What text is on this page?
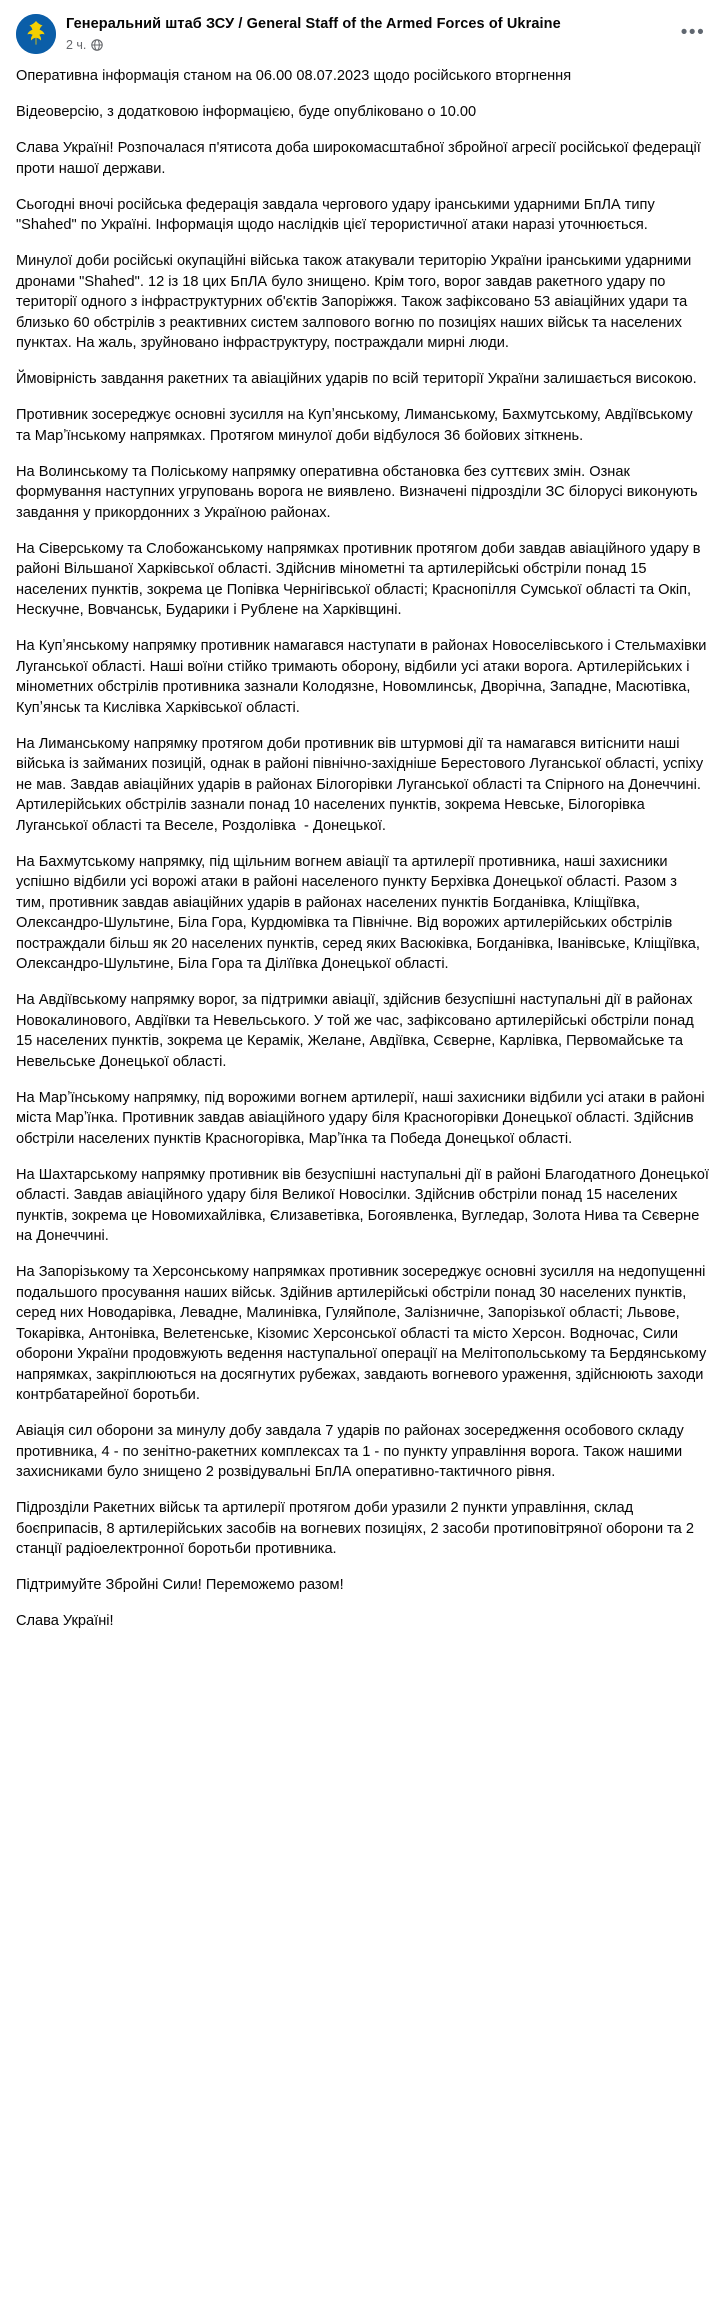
Генеральний штаб ЗСУ / General Staff of the Armed Forces of Ukraine
2 ч.
•••

Оперативна інформація станом на 06.00 08.07.2023 щодо російського вторгнення

Відеоверсію, з додатковою інформацією, буде опубліковано о 10.00

Слава Україні! Розпочалася п'ятисота доба широкомасштабної збройної агресії російської федерації проти нашої держави.

Сьогодні вночі російська федерація завдала чергового удару іранськими ударними БпЛА типу "Shahed" по Україні. Інформація щодо наслідків цієї терористичної атаки наразі уточнюється.

Минулої доби російські окупаційні війська також атакували територію України іранськими ударними дронами "Shahed". 12 із 18 цих БпЛА було знищено. Крім того, ворог завдав ракетного удару по території одного з інфраструктурних об'єктів Запоріжжя. Також зафіксовано 53 авіаційних удари та близько 60 обстрілів з реактивних систем залпового вогню по позиціях наших військ та населених пунктах. На жаль, зруйновано інфраструктуру, постраждали мирні люди.

Ймовірність завдання ракетних та авіаційних ударів по всій території України залишається високою.

Противник зосереджує основні зусилля на Купʼянському, Лиманському, Бахмутському, Авдіївському та Марʼїнському напрямках. Протягом минулої доби відбулося 36 бойових зіткнень.

На Волинському та Поліському напрямку оперативна обстановка без суттєвих змін. Ознак формування наступних угруповань ворога не виявлено. Визначені підрозділи ЗС білорусі виконують завдання у прикордонних з Україною районах.

На Сіверському та Слобожанському напрямках противник протягом доби завдав авіаційного удару в районі Вільшаної Харківської області. Здійснив мінометні та артилерійські обстріли понад 15 населених пунктів, зокрема це Попівка Чернігівської області; Краснопілля Сумської області та Окіп, Нескучне, Вовчанськ, Бударики і Рублене на Харківщині.

На Купʼянському напрямку противник намагався наступати в районах Новоселівського і Стельмахівки Луганської області. Наші воїни стійко тримають оборону, відбили усі атаки ворога. Артилерійських і мінометних обстрілів противника зазнали Колодязне, Новомлинськ, Дворічна, Западне, Масютівка, Купʼянськ та Кислівка Харківської області.

На Лиманському напрямку протягом доби противник вів штурмові дії та намагався витіснити наші війська із займаних позицій, однак в районі північно-західніше Берестового Луганської області, успіху не мав. Завдав авіаційних ударів в районах Білогорівки Луганської області та Спірного на Донеччині. Артилерійських обстрілів зазнали понад 10 населених пунктів, зокрема Невське, Білогорівка Луганської області та Веселе, Роздолівка  - Донецької.

На Бахмутському напрямку, під щільним вогнем авіації та артилерії противника, наші захисники успішно відбили усі ворожі атаки в районі населеного пункту Берхівка Донецької області. Разом з тим, противник завдав авіаційних ударів в районах населених пунктів Богданівка, Кліщіївка, Олександро-Шультине, Біла Гора, Курдюмівка та Північне. Від ворожих артилерійських обстрілів постраждали більш як 20 населених пунктів, серед яких Васюківка, Богданівка, Іванівське, Кліщіївка, Олександро-Шультине, Біла Гора та Ділїївка Донецької області.

На Авдіївському напрямку ворог, за підтримки авіації, здійснив безуспішні наступальні дії в районах Новокалинового, Авдіївки та Невельського. У той же час, зафіксовано артилерійські обстріли понад 15 населених пунктів, зокрема це Керамік, Желане, Авдіївка, Сєверне, Карлівка, Первомайське та Невельське Донецької області.

На Марʼїнському напрямку, під ворожими вогнем артилерії, наші захисники відбили усі атаки в районі міста Марʼїнка. Противник завдав авіаційного удару біля Красногорівки Донецької області. Здійснив обстріли населених пунктів Красногорівка, Марʼїнка та Победа Донецької області.

На Шахтарському напрямку противник вів безуспішні наступальні дії в районі Благодатного Донецької області. Завдав авіаційного удару біля Великої Новосілки. Здійснив обстріли понад 15 населених пунктів, зокрема це Новомихайлівка, Єлизаветівка, Богоявленка, Вугледар, Золота Нива та Сєверне на Донеччині.

На Запорізькому та Херсонському напрямках противник зосереджує основні зусилля на недопущенні подальшого просування наших військ. Здійнив артилерійські обстріли понад 30 населених пунктів, серед них Новодарівка, Левадне, Малинівка, Гуляйполе, Залізничне, Запорізької області; Львове, Токарівка, Антонівка, Велетенське, Кізомис Херсонської області та місто Херсон. Водночас, Сили оборони України продовжують ведення наступальної операції на Мелітопольському та Бердянському напрямках, закріплюються на досягнутих рубежах, завдають вогневого ураження, здійснюють заходи контрбатарейної боротьби.

Авіація сил оборони за минулу добу завдала 7 ударів по районах зосередження особового складу противника, 4 - по зенітно-ракетних комплексах та 1 - по пункту управління ворога. Також нашими захисниками було знищено 2 розвідувальні БпЛА оперативно-тактичного рівня.

Підрозділи Ракетних військ та артилерії протягом доби уразили 2 пункти управління, склад боєприпасів, 8 артилерійських засобів на вогневих позиціях, 2 засоби протиповітряної оборони та 2 станції радіоелектронної боротьби противника.

Підтримуйте Збройні Сили! Переможемо разом!

Слава Україні!
